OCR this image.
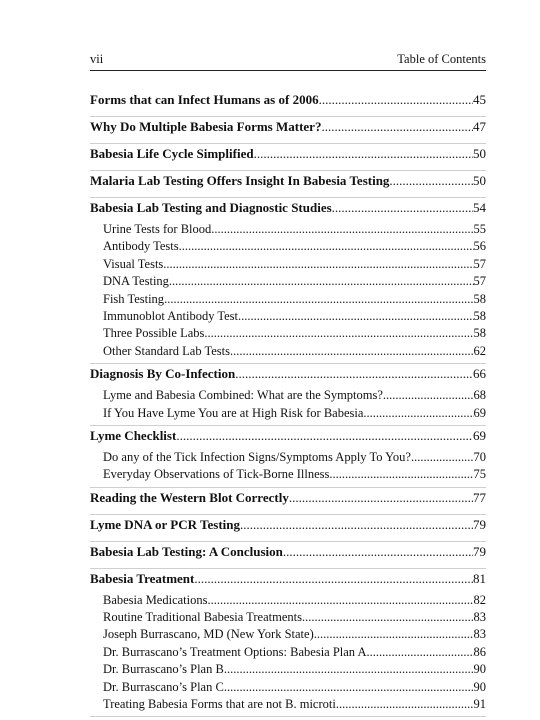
vii	Table of Contents
Forms that can Infect Humans as of 2006 .....	45
Why Do Multiple Babesia Forms Matter? .....	47
Babesia Life Cycle Simplified .....	50
Malaria Lab Testing Offers Insight In Babesia Testing .....	50
Babesia Lab Testing and Diagnostic Studies .....	54
Urine Tests for Blood .....	55
Antibody Tests .....	56
Visual Tests .....	57
DNA Testing .....	57
Fish Testing .....	58
Immunoblot Antibody Test .....	58
Three Possible Labs .....	58
Other Standard Lab Tests .....	62
Diagnosis By Co-Infection .....	66
Lyme and Babesia Combined: What are the Symptoms? .....	68
If You Have Lyme You are at High Risk for Babesia .....	69
Lyme Checklist .....	69
Do any of the Tick Infection Signs/Symptoms Apply To You? .....	70
Everyday Observations of Tick-Borne Illness .....	75
Reading the Western Blot Correctly .....	77
Lyme DNA or PCR Testing .....	79
Babesia Lab Testing: A Conclusion .....	79
Babesia Treatment .....	81
Babesia Medications .....	82
Routine Traditional Babesia Treatments .....	83
Joseph Burrascano, MD (New York State) .....	83
Dr. Burrascano’s Treatment Options: Babesia Plan A .....	86
Dr. Burrascano’s Plan B .....	90
Dr. Burrascano’s Plan C .....	90
Treating Babesia Forms that are not B. microti .....	91
